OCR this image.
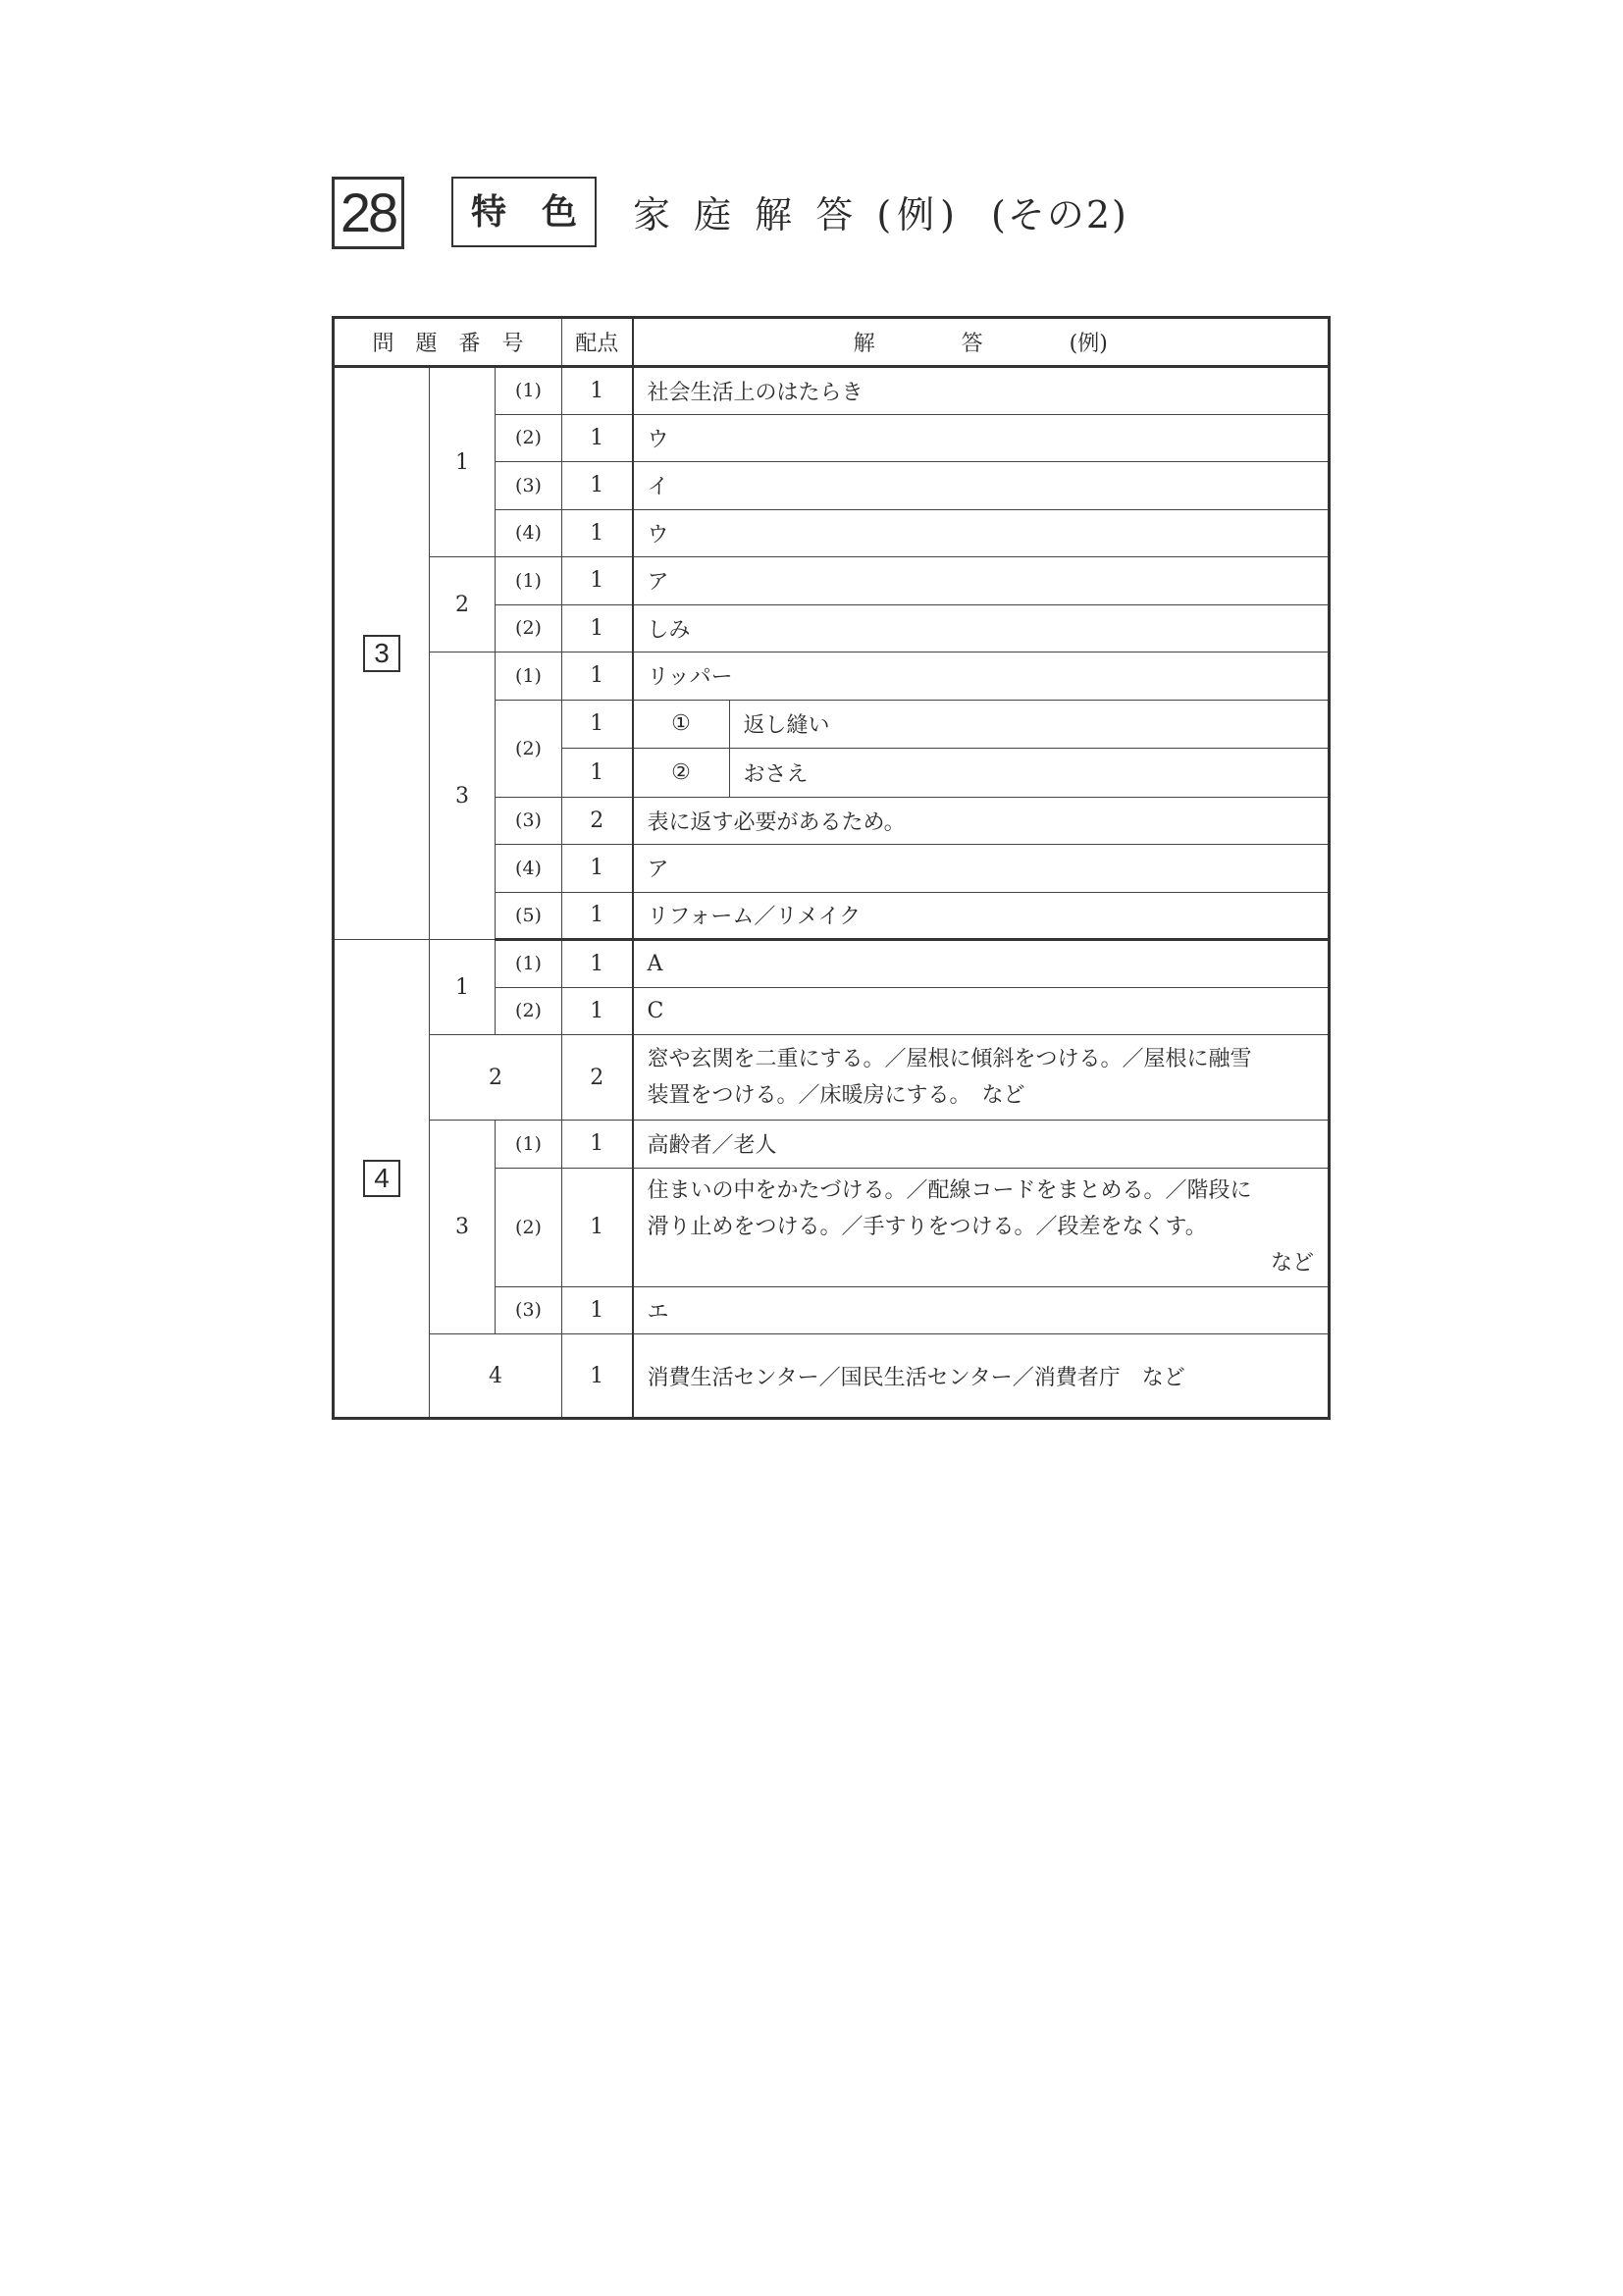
28	特　色	家 庭 解 答 (例) (その2)
問　題　番　号			配点	解　　　　答　　　　(例)
3	1	(1)	1	社会生活上のはたらき
		(2)	1	ウ
		(3)	1	イ
		(4)	1	ウ
	2	(1)	1	ア
		(2)	1	しみ
	3	(1)	1	リッパー
		(2)	1	① 返し縫い

			1	② おさえ

		(3)	2	表に返す必要があるため。
		(4)	1	ア
		(5)	1	リフォーム／リメイク
4	1	(1)	1	A
		(2)	1	C
	2		2	窓や玄関を二重にする。／屋根に傾斜をつける。／屋根に融雪
装置をつける。／床暖房にする。　など

	3	(1)	1	高齢者／老人
		(2)	1	住まいの中をかたづける。／配線コードをまとめる。／階段に
滑り止めをつける。／手すりをつける。／段差をなくす。
など

		(3)	1	エ
	4		1	消費生活センター／国民生活センター／消費者庁　など
